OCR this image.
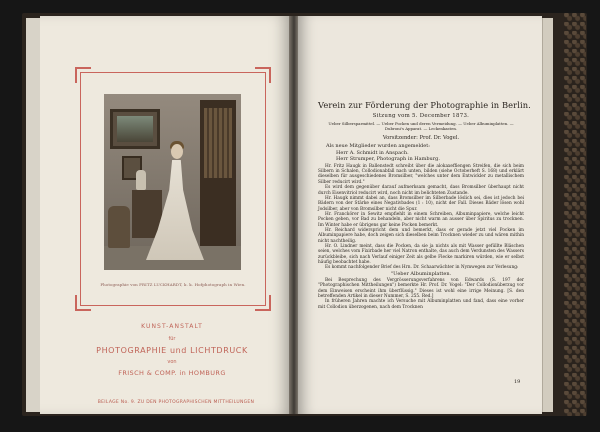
Photographie von FRITZ LUCKHARDT, k. k. Hofphotograph in Wien.
KUNST-ANSTALT
für
PHOTOGRAPHIE und LICHTDRUCK
von
FRISCH & COMP. in HOMBURG
BEILAGE No. 9. ZU DEN PHOTOGRAPHISCHEN MITTHEILUNGEN
Verein zur Förderung der Photographie in Berlin.
Sitzung vom 5. December 1873.
Ueber Silbersparmittel. — Ueber Pocken und deren Vermeidung. — Ueber Albuminplatten. — Dubroni's Apparat. — Leckenkasten.
Vorsitzender: Prof. Dr. Vogel.
Als neue Mitglieder wurden angemeldet:
Herr A. Schmidt in Anspach.
Herr Strumper, Photograph in Hamburg.

Hr. Fritz Haugk in Ballenstedt schreibt über die alokaxeffiengen Streifen, die sich beim Silbern in Schalen, Collodionabfall nach unten, bilden (siehe Octoberheft S. 168) und erklärt dieselben für ausgeschiedenes Bromsilber, "welches unter dem Entwickler zu metallischem Silber reducirt wird."

Es wird dem gegenüber darauf aufmerksam gemacht, dass Bromsilber überhaupt nicht durch Eisenvitriol reducirt wird, noch nicht im belichteten Zustande.

Hr. Haugk nimmt dabei an, dass Bromsilber im Silberbade löslich sei, dies ist jedoch bei Bädern von der Stärke eines Negativbades (1 : 10), nicht der Fall. Dieses Bäder lösen wohl Jodsilber, aber von Bromsilber nicht die Spur.

Hr. Franckörer in Sewitz empfiehlt in einem Schreiben, Albuminpapiere, welche leicht Pocken geben, vor Bad zu behandeln, aber nicht warm an ausser über Spiritus zu trocknen. Im Winter habe er übrigens gar keine Pocken bemerkt.

Hr. Reichard widerspricht dem und bemerkt, dass er gerade jetzt viel Pocken im Albuminpapiere habe, doch zeigen sich dieselben beim Trocknen wieder zu und wären mithin nicht nachtheilig.

Hr. O. Lindner meint, dass die Pocken, da sie ja nichts als mit Wasser gefüllte Bläschen seien, welches vom Fixirbade her viel Natron enthalte, das auch dem Verdunsten des Wassers zurückbleibe, sich nach Verlauf einiger Zeit als gelbe Flecke markiren würden, wie er selbst häufig beobachtet habe.

Es kommt nachfolgender Brief des Hrn. Dr. Schaarwächter in Nymwegen zur Verlesung:

"Ueber Albuminplatten.

Bei Besprechung des Vergrösserungsverfahrens von Edwards (S. 197 der "Photographischen Mittheilungen") bemerkte Hr. Prof. Dr. Vogel: "Der Collodionüberzug vor dem Einweisen erscheint ihm überflüssig." Dieses ist wohl eine irrige Meinung. [S. den betreffenden Artikel in dieser Nummer, S. 255. Red.]

In früheren Jahren machte ich Versuche mit Albuminplatten und fand, dass eine vorher mit Collodion überzogenen, nach dem Trocknen

19
